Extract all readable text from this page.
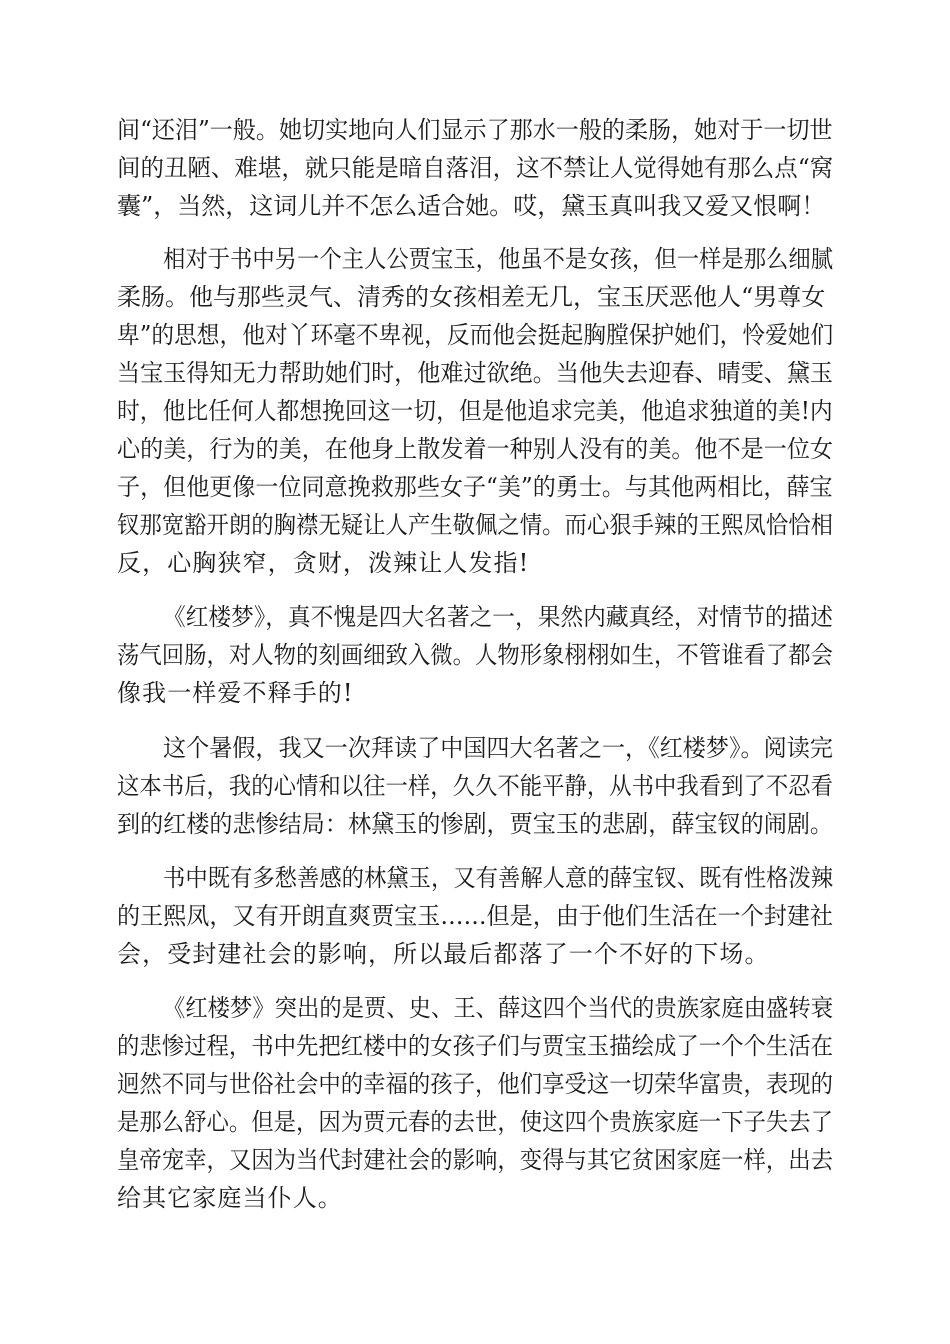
间“还泪”一般。她切实地向人们显示了那水一般的柔肠，她对于一切世

间的丑陋、难堪，就只能是暗自落泪，这不禁让人觉得她有那么点“窝

囊”，当然，这词儿并不怎么适合她。哎，黛玉真叫我又爱又恨啊！

相对于书中另一个主人公贾宝玉，他虽不是女孩，但一样是那么细腻

柔肠。他与那些灵气、清秀的女孩相差无几，宝玉厌恶他人“男尊女

卑”的思想，他对丫环毫不卑视，反而他会挺起胸膛保护她们，怜爱她们

当宝玉得知无力帮助她们时，他难过欲绝。当他失去迎春、晴雯、黛玉

时，他比任何人都想挽回这一切，但是他追求完美，他追求独道的美!内

心的美，行为的美，在他身上散发着一种别人没有的美。他不是一位女

子，但他更像一位同意挽救那些女子“美”的勇士。与其他两相比，薛宝

钗那宽豁开朗的胸襟无疑让人产生敬佩之情。而心狠手辣的王熙凤恰恰相

反，心胸狭窄，贪财，泼辣让人发指!

《红楼梦》，真不愧是四大名著之一，果然内藏真经，对情节的描述

荡气回肠，对人物的刻画细致入微。人物形象栩栩如生，不管谁看了都会

像我一样爱不释手的!

这个暑假，我又一次拜读了中国四大名著之一，《红楼梦》。阅读完

这本书后，我的心情和以往一样，久久不能平静，从书中我看到了不忍看

到的红楼的悲惨结局：林黛玉的惨剧，贾宝玉的悲剧，薛宝钗的闹剧。

书中既有多愁善感的林黛玉，又有善解人意的薛宝钗、既有性格泼辣

的王熙凤，又有开朗直爽贾宝玉……但是，由于他们生活在一个封建社

会，受封建社会的影响，所以最后都落了一个不好的下场。

《红楼梦》突出的是贾、史、王、薛这四个当代的贵族家庭由盛转衰

的悲惨过程，书中先把红楼中的女孩子们与贾宝玉描绘成了一个个生活在

迥然不同与世俗社会中的幸福的孩子，他们享受这一切荣华富贵，表现的

是那么舒心。但是，因为贾元春的去世，使这四个贵族家庭一下子失去了

皇帝宠幸，又因为当代封建社会的影响，变得与其它贫困家庭一样，出去

给其它家庭当仆人。
